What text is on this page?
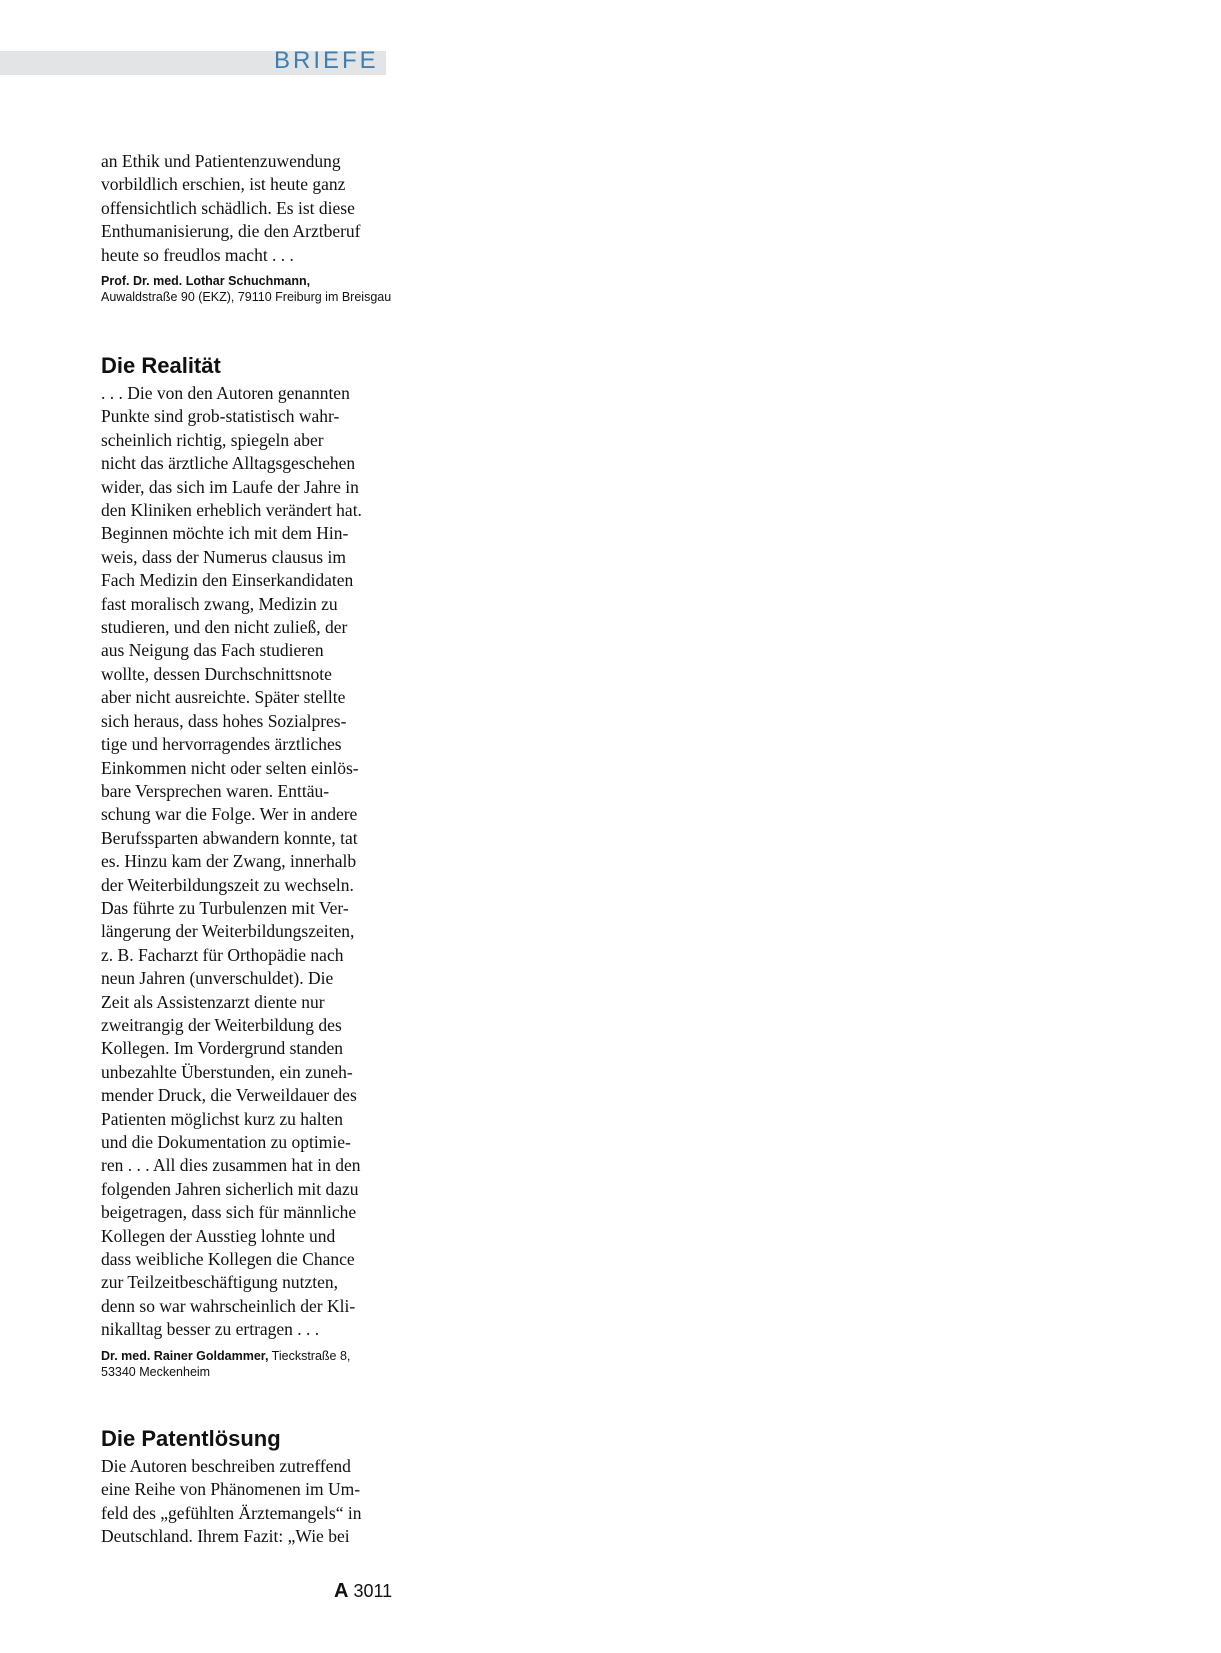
BRIEFE
an Ethik und Patientenzuwendung
vorbildlich erschien, ist heute ganz
offensichtlich schädlich. Es ist diese
Enthumanisierung, die den Arztberuf
heute so freudlos macht . . .
Prof. Dr. med. Lothar Schuchmann,
Auwaldstraße 90 (EKZ), 79110 Freiburg im Breisgau
Die Realität
. . . Die von den Autoren genannten
Punkte sind grob-statistisch wahr-
scheinlich richtig, spiegeln aber
nicht das ärztliche Alltagsgeschehen
wider, das sich im Laufe der Jahre in
den Kliniken erheblich verändert hat.
Beginnen möchte ich mit dem Hin-
weis, dass der Numerus clausus im
Fach Medizin den Einserkandidaten
fast moralisch zwang, Medizin zu
studieren, und den nicht zuließ, der
aus Neigung das Fach studieren
wollte, dessen Durchschnittsnote
aber nicht ausreichte. Später stellte
sich heraus, dass hohes Sozialpres-
tige und hervorragendes ärztliches
Einkommen nicht oder selten einlös-
bare Versprechen waren. Enttäu-
schung war die Folge. Wer in andere
Berufssparten abwandern konnte, tat
es. Hinzu kam der Zwang, innerhalb
der Weiterbildungszeit zu wechseln.
Das führte zu Turbulenzen mit Ver-
längerung der Weiterbildungszeiten,
z. B. Facharzt für Orthopädie nach
neun Jahren (unverschuldet). Die
Zeit als Assistenzarzt diente nur
zweitrangig der Weiterbildung des
Kollegen. Im Vordergrund standen
unbezahlte Überstunden, ein zuneh-
mender Druck, die Verweildauer des
Patienten möglichst kurz zu halten
und die Dokumentation zu optimie-
ren . . . All dies zusammen hat in den
folgenden Jahren sicherlich mit dazu
beigetragen, dass sich für männliche
Kollegen der Ausstieg lohnte und
dass weibliche Kollegen die Chance
zur Teilzeitbeschäftigung nutzten,
denn so war wahrscheinlich der Kli-
nikalltag besser zu ertragen . . .
Dr. med. Rainer Goldammer, Tieckstraße 8,
53340 Meckenheim
Die Patentlösung
Die Autoren beschreiben zutreffend
eine Reihe von Phänomenen im Um-
feld des „gefühlten Ärztemangels“ in
Deutschland. Ihrem Fazit: „Wie bei
A 3011
